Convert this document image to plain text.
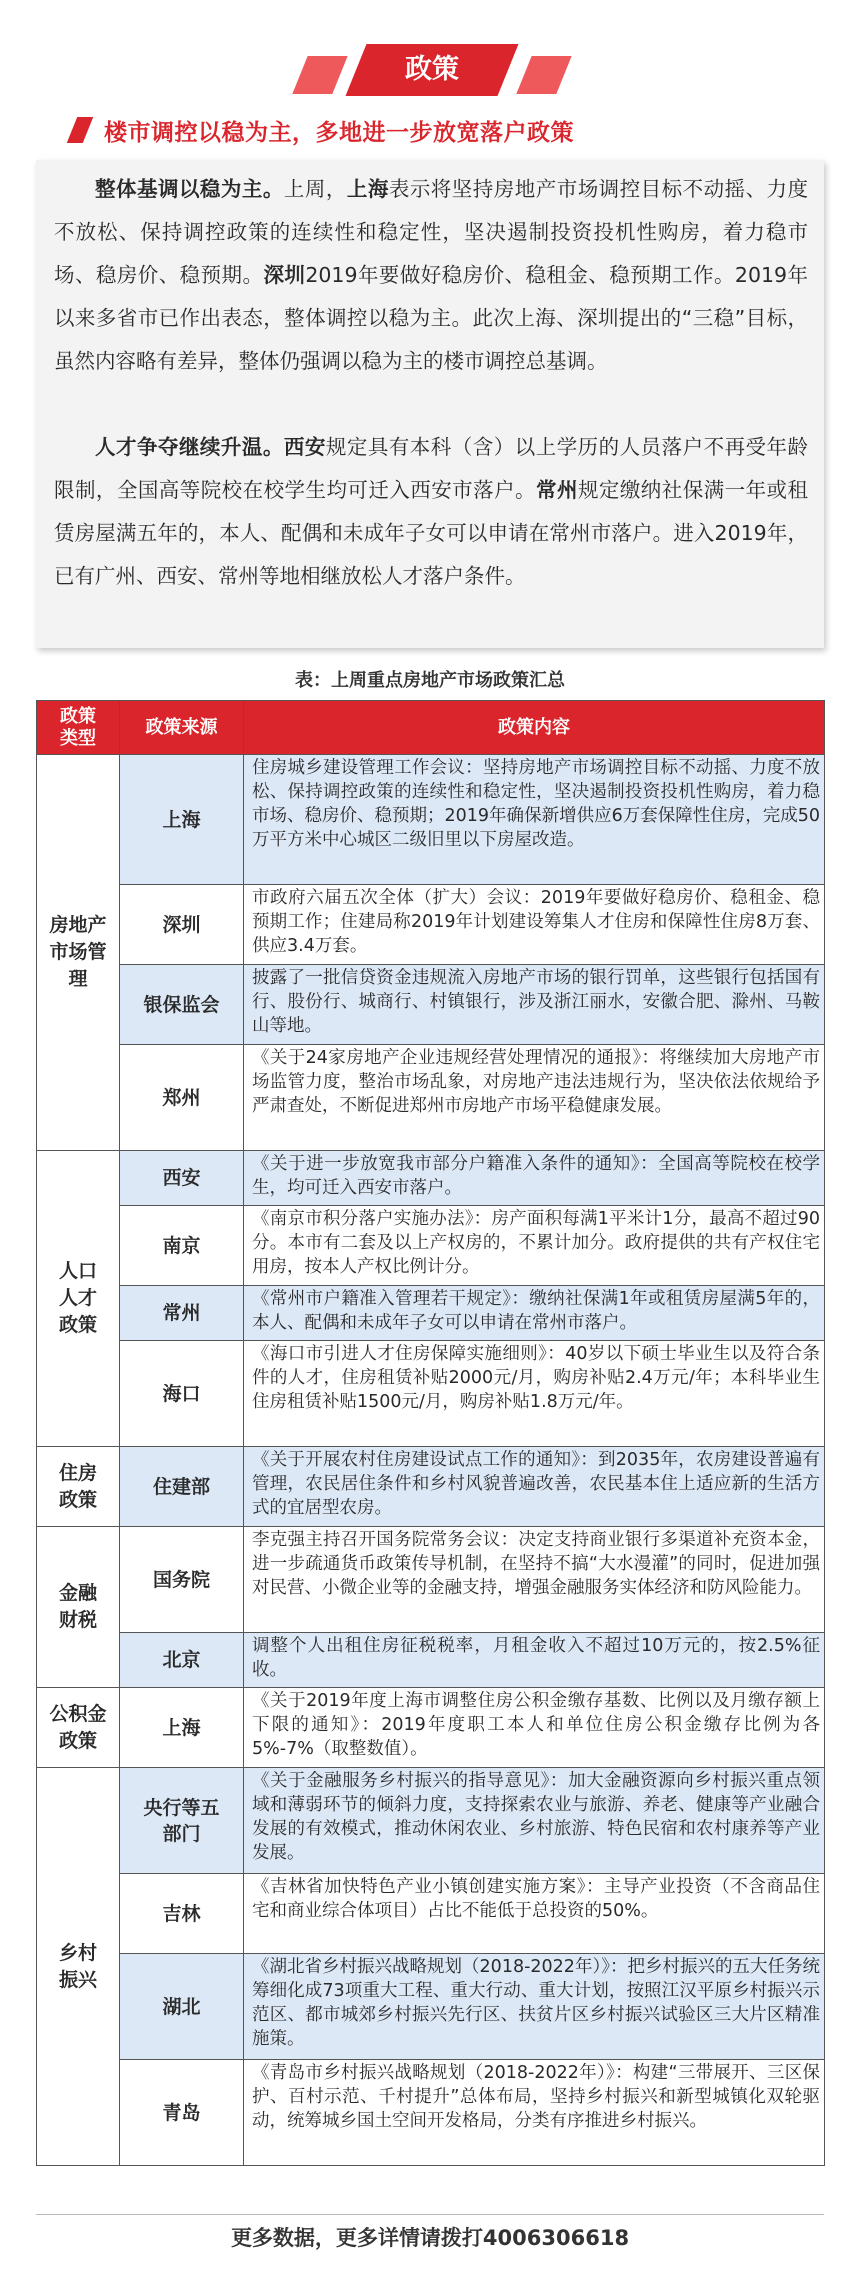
政策
楼市调控以稳为主，多地进一步放宽落户政策

整体基调以稳为主。上周，上海表示将坚持房地产市场调控目标不动摇、力度不放松、保持调控政策的连续性和稳定性，坚决遏制投资投机性购房，着力稳市场、稳房价、稳预期。深圳2019年要做好稳房价、稳租金、稳预期工作。2019年以来多省市已作出表态，整体调控以稳为主。此次上海、深圳提出的“三稳”目标，虽然内容略有差异，整体仍强调以稳为主的楼市调控总基调。

人才争夺继续升温。西安规定具有本科（含）以上学历的人员落户不再受年龄限制，全国高等院校在校学生均可迁入西安市落户。常州规定缴纳社保满一年或租赁房屋满五年的，本人、配偶和未成年子女可以申请在常州市落户。进入2019年，已有广州、西安、常州等地相继放松人才落户条件。

表：上周重点房地产市场政策汇总
政策类型	政策来源	政策内容

房地产市场管理	上海	住房城乡建设管理工作会议：坚持房地产市场调控目标不动摇、力度不放松、保持调控政策的连续性和稳定性，坚决遏制投资投机性购房，着力稳市场、稳房价、稳预期；2019年确保新增供应6万套保障性住房，完成50万平方米中心城区二级旧里以下房屋改造。
	深圳	市政府六届五次全体（扩大）会议：2019年要做好稳房价、稳租金、稳预期工作；住建局称2019年计划建设筹集人才住房和保障性住房8万套、供应3.4万套。
	银保监会	披露了一批信贷资金违规流入房地产市场的银行罚单，这些银行包括国有行、股份行、城商行、村镇银行，涉及浙江丽水，安徽合肥、滁州、马鞍山等地。
	郑州	《关于24家房地产企业违规经营处理情况的通报》：将继续加大房地产市场监管力度，整治市场乱象，对房地产违法违规行为，坚决依法依规给予严肃查处，不断促进郑州市房地产市场平稳健康发展。

人口人才政策	西安	《关于进一步放宽我市部分户籍准入条件的通知》：全国高等院校在校学生，均可迁入西安市落户。
	南京	《南京市积分落户实施办法》：房产面积每满1平米计1分，最高不超过90分。本市有二套及以上产权房的，不累计加分。政府提供的共有产权住宅用房，按本人产权比例计分。
	常州	《常州市户籍准入管理若干规定》：缴纳社保满1年或租赁房屋满5年的，本人、配偶和未成年子女可以申请在常州市落户。
	海口	《海口市引进人才住房保障实施细则》：40岁以下硕士毕业生以及符合条件的人才，住房租赁补贴2000元/月，购房补贴2.4万元/年；本科毕业生住房租赁补贴1500元/月，购房补贴1.8万元/年。

住房政策	住建部	《关于开展农村住房建设试点工作的通知》：到2035年，农房建设普遍有管理，农民居住条件和乡村风貌普遍改善，农民基本住上适应新的生活方式的宜居型农房。

金融财税	国务院	李克强主持召开国务院常务会议：决定支持商业银行多渠道补充资本金，进一步疏通货币政策传导机制，在坚持不搞“大水漫灌”的同时，促进加强对民营、小微企业等的金融支持，增强金融服务实体经济和防风险能力。
	北京	调整个人出租住房征税税率，月租金收入不超过10万元的，按2.5%征收。

公积金政策	上海	《关于2019年度上海市调整住房公积金缴存基数、比例以及月缴存额上下限的通知》：2019年度职工本人和单位住房公积金缴存比例为各5%-7%（取整数值）。

乡村振兴	央行等五部门	《关于金融服务乡村振兴的指导意见》：加大金融资源向乡村振兴重点领域和薄弱环节的倾斜力度，支持探索农业与旅游、养老、健康等产业融合发展的有效模式，推动休闲农业、乡村旅游、特色民宿和农村康养等产业发展。
	吉林	《吉林省加快特色产业小镇创建实施方案》：主导产业投资（不含商品住宅和商业综合体项目）占比不能低于总投资的50%。
	湖北	《湖北省乡村振兴战略规划（2018-2022年）》：把乡村振兴的五大任务统筹细化成73项重大工程、重大行动、重大计划，按照江汉平原乡村振兴示范区、都市城郊乡村振兴先行区、扶贫片区乡村振兴试验区三大片区精准施策。
	青岛	《青岛市乡村振兴战略规划（2018-2022年）》：构建“三带展开、三区保护、百村示范、千村提升”总体布局，坚持乡村振兴和新型城镇化双轮驱动，统筹城乡国土空间开发格局，分类有序推进乡村振兴。
更多数据，更多详情请拨打4006306618
